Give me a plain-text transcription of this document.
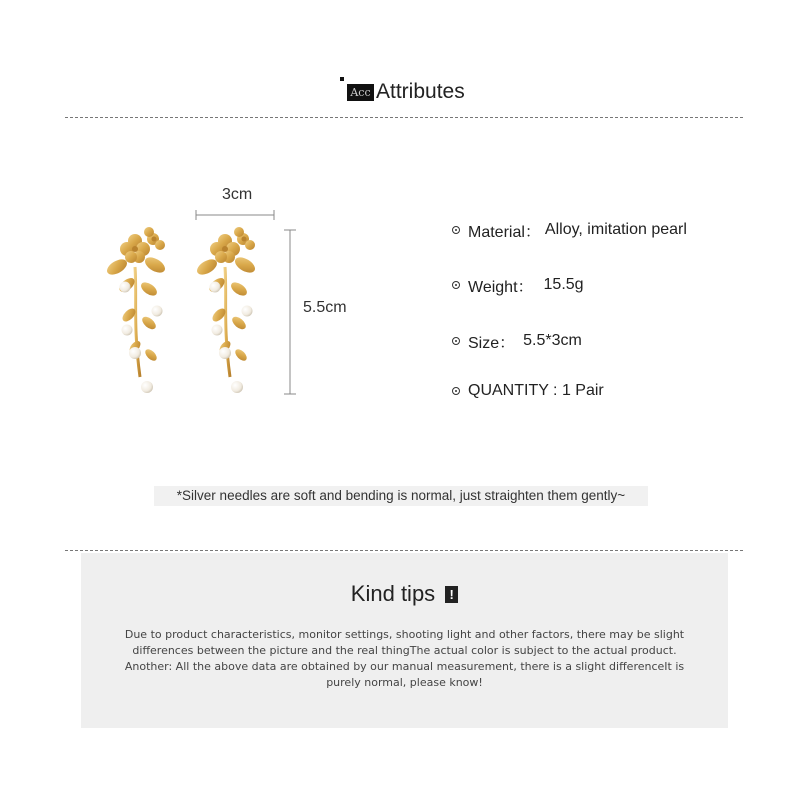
Acc Attributes
3cm
5.5cm
Material： Alloy, imitation pearl
Weight： 15.5g
Size： 5.5*3cm
QUANTITY : 1 Pair
*Silver needles are soft and bending is normal, just straighten them gently~
Kind tips	!
Due to product characteristics, monitor settings, shooting light and other factors, there may be slight differences between the picture and the real thingThe actual color is subject to the actual product. Another: All the above data are obtained by our manual measurement, there is a slight differenceIt is purely normal, please know!
